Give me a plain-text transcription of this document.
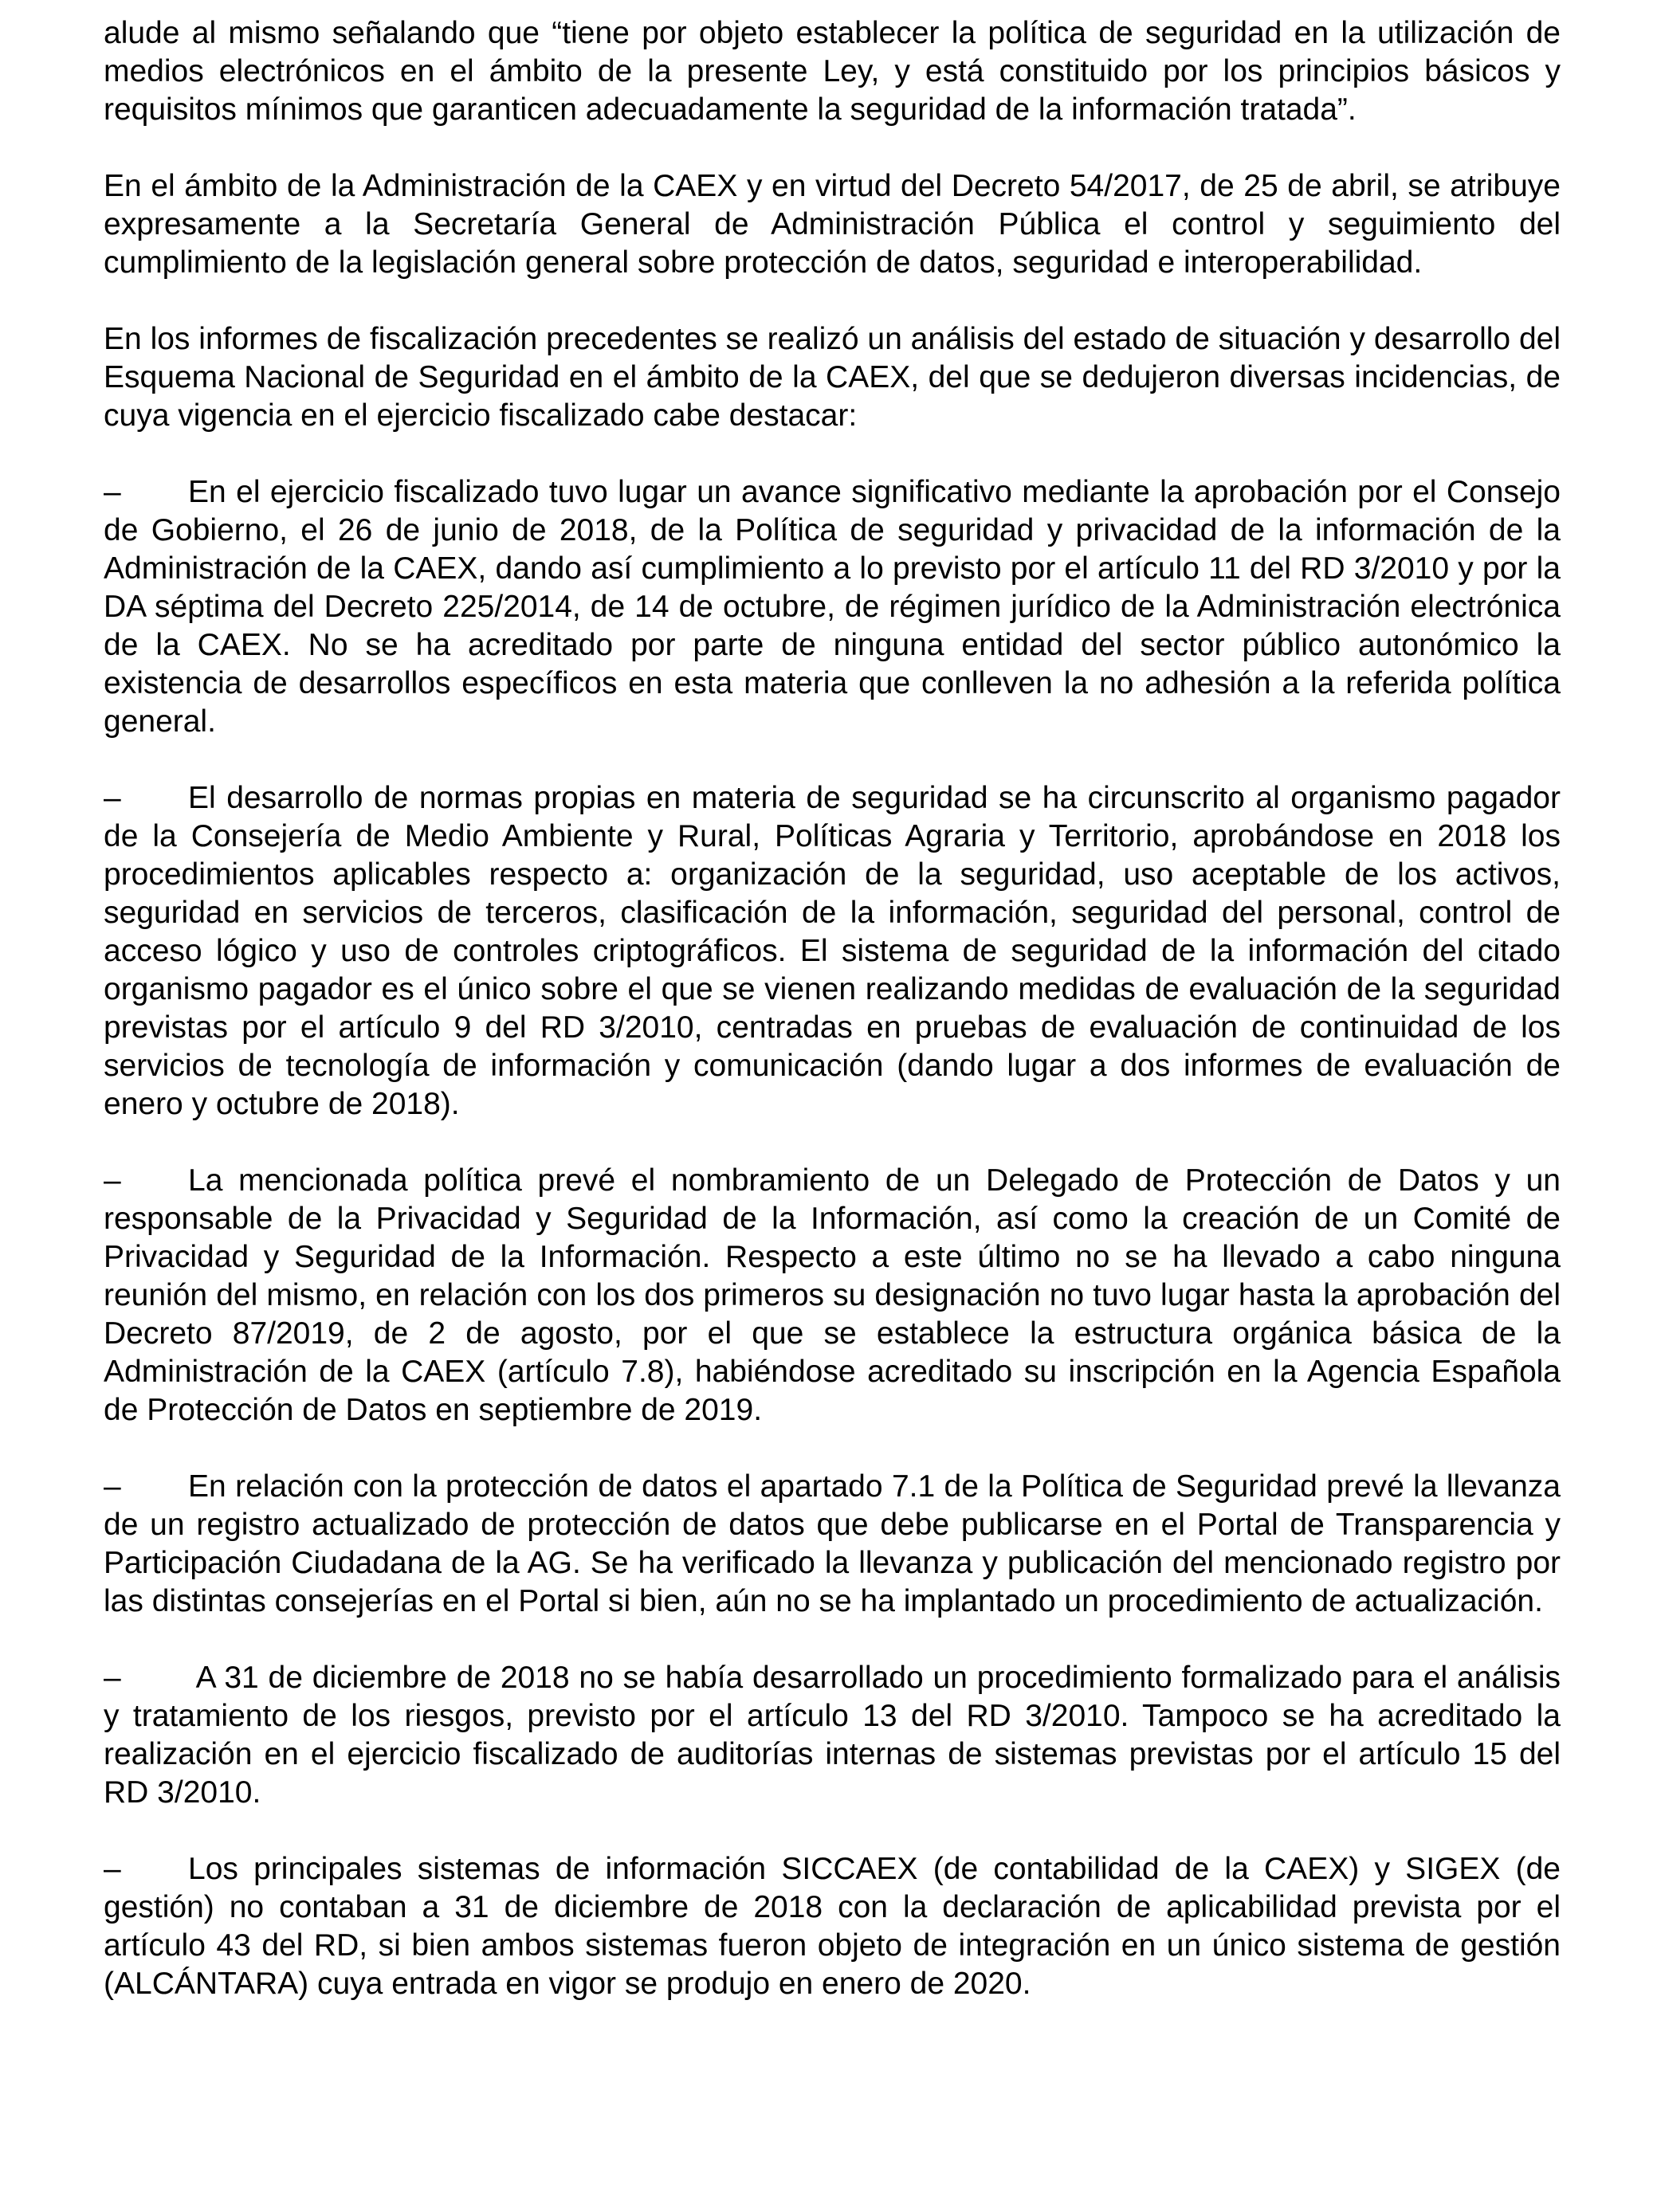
alude al mismo señalando que “tiene por objeto establecer la política de seguridad en la utilización de medios electrónicos en el ámbito de la presente Ley, y está constituido por los principios básicos y requisitos mínimos que garanticen adecuadamente la seguridad de la información tratada”.

En el ámbito de la Administración de la CAEX y en virtud del Decreto 54/2017, de 25 de abril, se atribuye expresamente a la Secretaría General de Administración Pública el control y seguimiento del cumplimiento de la legislación general sobre protección de datos, seguridad e interoperabilidad.

En los informes de fiscalización precedentes se realizó un análisis del estado de situación y desarrollo del Esquema Nacional de Seguridad en el ámbito de la CAEX, del que se dedujeron diversas incidencias, de cuya vigencia en el ejercicio fiscalizado cabe destacar:

– En el ejercicio fiscalizado tuvo lugar un avance significativo mediante la aprobación por el Consejo de Gobierno, el 26 de junio de 2018, de la Política de seguridad y privacidad de la información de la Administración de la CAEX, dando así cumplimiento a lo previsto por el artículo 11 del RD 3/2010 y por la DA séptima del Decreto 225/2014, de 14 de octubre, de régimen jurídico de la Administración electrónica de la CAEX. No se ha acreditado por parte de ninguna entidad del sector público autonómico la existencia de desarrollos específicos en esta materia que conlleven la no adhesión a la referida política general.

– El desarrollo de normas propias en materia de seguridad se ha circunscrito al organismo pagador de la Consejería de Medio Ambiente y Rural, Políticas Agraria y Territorio, aprobándose en 2018 los procedimientos aplicables respecto a: organización de la seguridad, uso aceptable de los activos, seguridad en servicios de terceros, clasificación de la información, seguridad del personal, control de acceso lógico y uso de controles criptográficos. El sistema de seguridad de la información del citado organismo pagador es el único sobre el que se vienen realizando medidas de evaluación de la seguridad previstas por el artículo 9 del RD 3/2010, centradas en pruebas de evaluación de continuidad de los servicios de tecnología de información y comunicación (dando lugar a dos informes de evaluación de enero y octubre de 2018).

– La mencionada política prevé el nombramiento de un Delegado de Protección de Datos y un responsable de la Privacidad y Seguridad de la Información, así como la creación de un Comité de Privacidad y Seguridad de la Información. Respecto a este último no se ha llevado a cabo ninguna reunión del mismo, en relación con los dos primeros su designación no tuvo lugar hasta la aprobación del Decreto 87/2019, de 2 de agosto, por el que se establece la estructura orgánica básica de la Administración de la CAEX (artículo 7.8), habiéndose acreditado su inscripción en la Agencia Española de Protección de Datos en septiembre de 2019.

– En relación con la protección de datos el apartado 7.1 de la Política de Seguridad prevé la llevanza de un registro actualizado de protección de datos que debe publicarse en el Portal de Transparencia y Participación Ciudadana de la AG. Se ha verificado la llevanza y publicación del mencionado registro por las distintas consejerías en el Portal si bien, aún no se ha implantado un procedimiento de actualización.

– A 31 de diciembre de 2018 no se había desarrollado un procedimiento formalizado para el análisis y tratamiento de los riesgos, previsto por el artículo 13 del RD 3/2010. Tampoco se ha acreditado la realización en el ejercicio fiscalizado de auditorías internas de sistemas previstas por el artículo 15 del RD 3/2010.

– Los principales sistemas de información SICCAEX (de contabilidad de la CAEX) y SIGEX (de gestión) no contaban a 31 de diciembre de 2018 con la declaración de aplicabilidad prevista por el artículo 43 del RD, si bien ambos sistemas fueron objeto de integración en un único sistema de gestión (ALCÁNTARA) cuya entrada en vigor se produjo en enero de 2020.
